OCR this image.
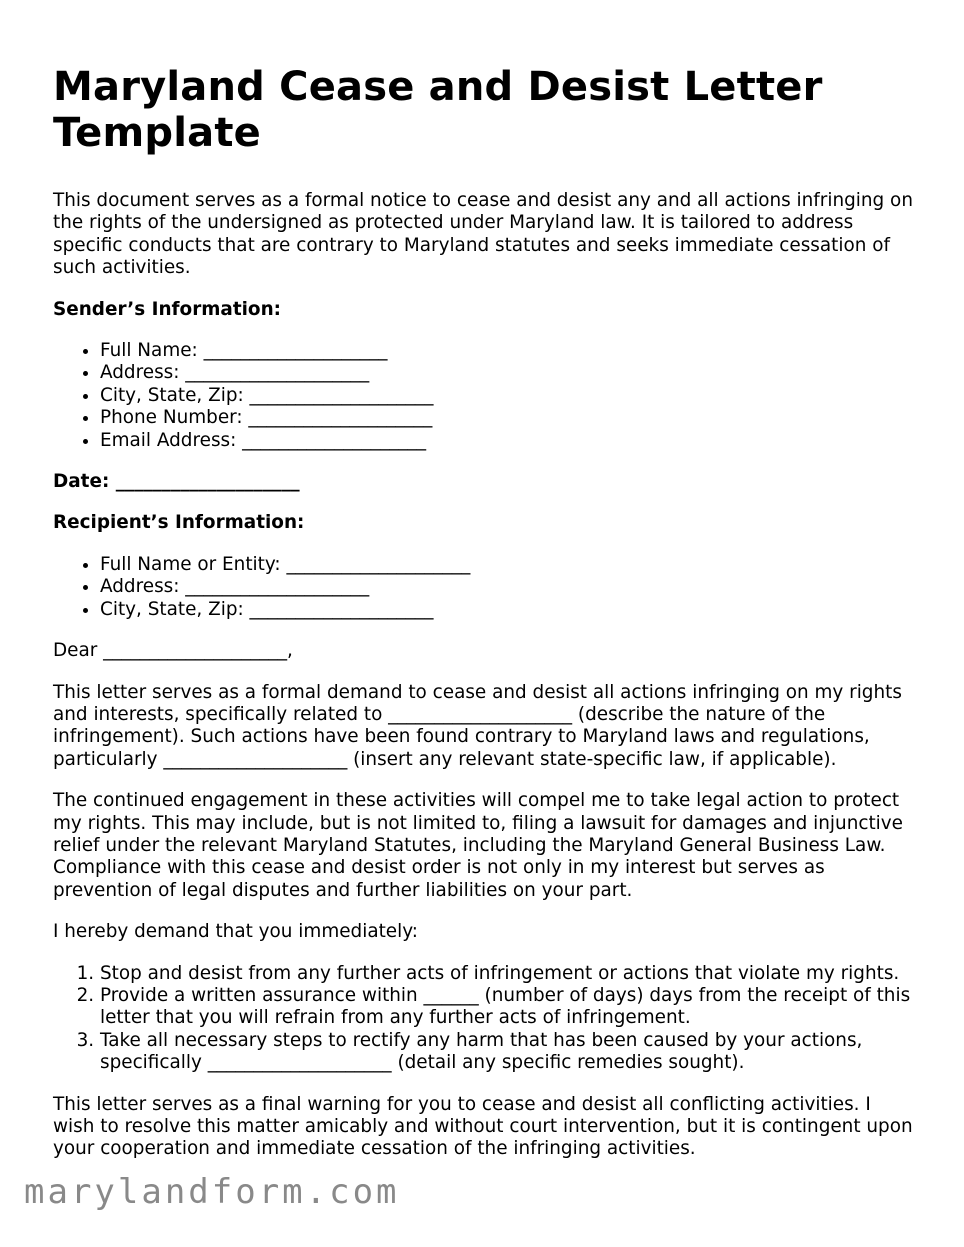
Maryland Cease and Desist Letter Template

This document serves as a formal notice to cease and desist any and all actions infringing on the rights of the undersigned as protected under Maryland law. It is tailored to address specific conducts that are contrary to Maryland statutes and seeks immediate cessation of such activities.

Sender’s Information:

• Full Name: ____________________
• Address: ____________________
• City, State, Zip: ____________________
• Phone Number: ____________________
• Email Address: ____________________

Date: ____________________

Recipient’s Information:

• Full Name or Entity: ____________________
• Address: ____________________
• City, State, Zip: ____________________

Dear ____________________,

This letter serves as a formal demand to cease and desist all actions infringing on my rights and interests, specifically related to ____________________ (describe the nature of the infringement). Such actions have been found contrary to Maryland laws and regulations, particularly ____________________ (insert any relevant state-specific law, if applicable).

The continued engagement in these activities will compel me to take legal action to protect my rights. This may include, but is not limited to, filing a lawsuit for damages and injunctive relief under the relevant Maryland Statutes, including the Maryland General Business Law. Compliance with this cease and desist order is not only in my interest but serves as prevention of legal disputes and further liabilities on your part.

I hereby demand that you immediately:

1. Stop and desist from any further acts of infringement or actions that violate my rights.
2. Provide a written assurance within ______ (number of days) days from the receipt of this letter that you will refrain from any further acts of infringement.
3. Take all necessary steps to rectify any harm that has been caused by your actions, specifically ____________________ (detail any specific remedies sought).

This letter serves as a final warning for you to cease and desist all conflicting activities. I wish to resolve this matter amicably and without court intervention, but it is contingent upon your cooperation and immediate cessation of the infringing activities.

marylandform.com
